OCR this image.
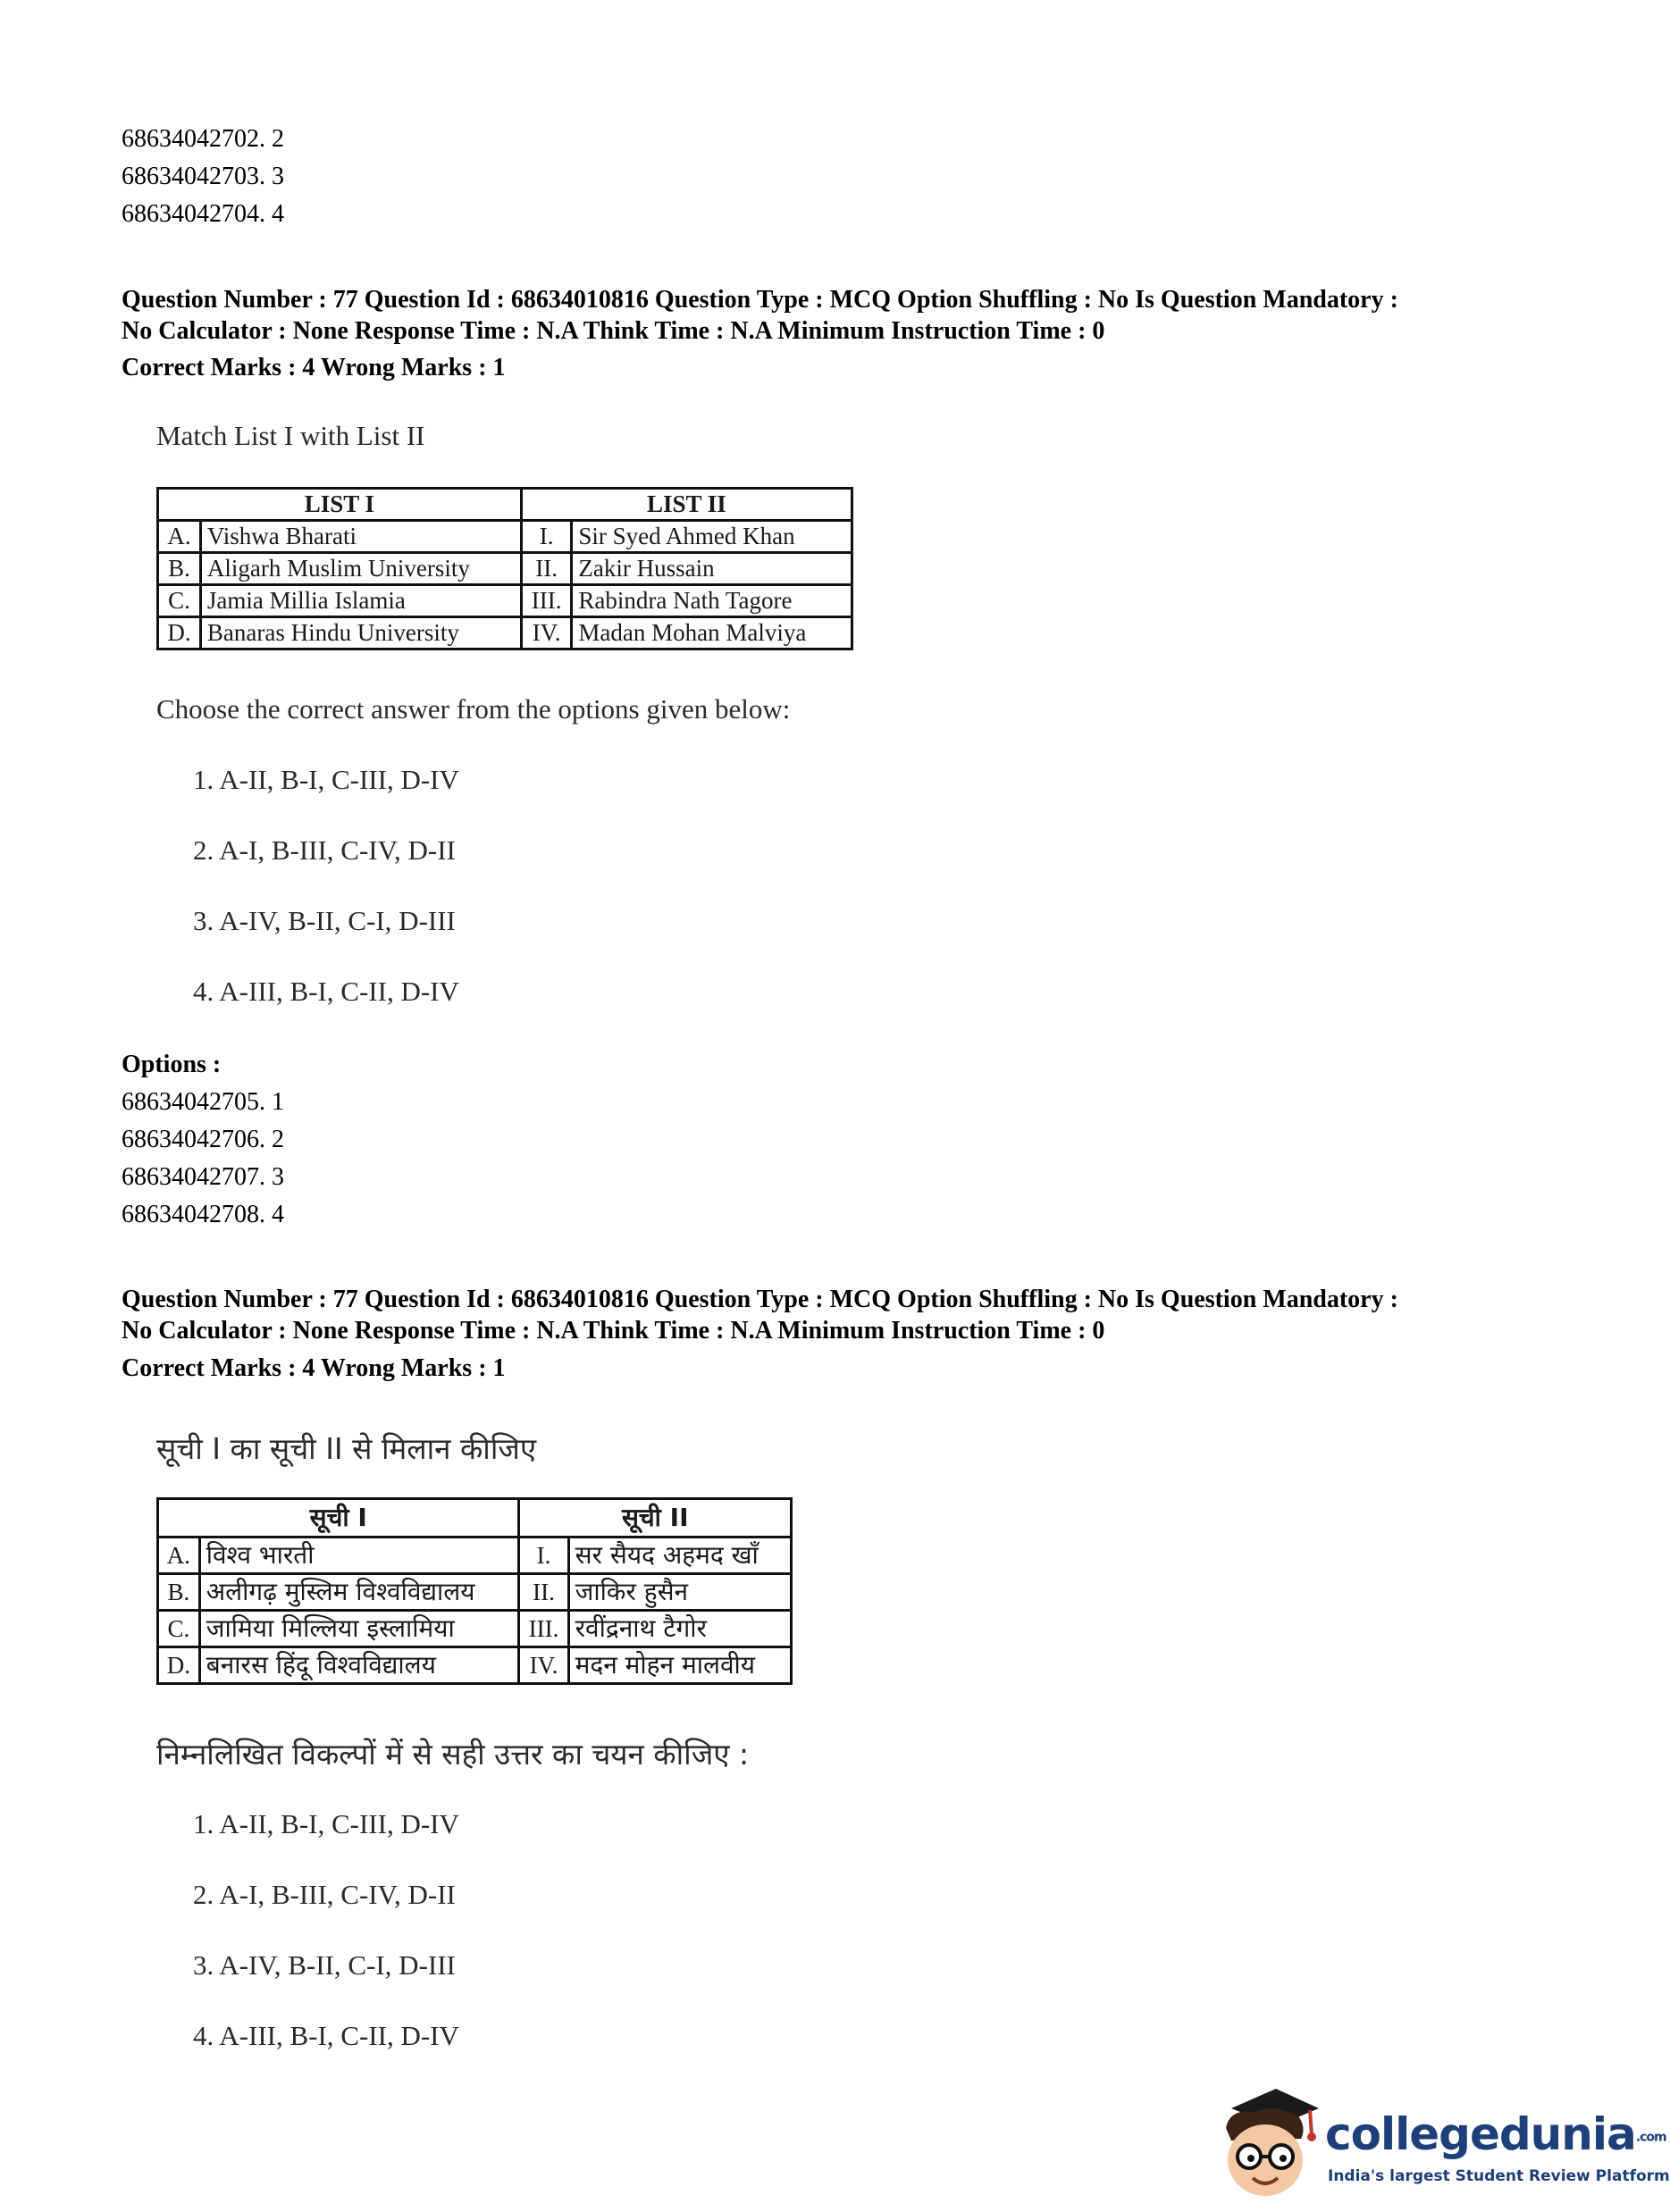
68634042702. 2
68634042703. 3
68634042704. 4
Question Number : 77 Question Id : 68634010816 Question Type : MCQ Option Shuffling : No Is Question Mandatory :
No Calculator : None Response Time : N.A Think Time : N.A Minimum Instruction Time : 0
Correct Marks : 4 Wrong Marks : 1
Match List I with List II
LIST I		LIST II	
A.	Vishwa Bharati	I.	Sir Syed Ahmed Khan
B.	Aligarh Muslim University	II.	Zakir Hussain
C.	Jamia Millia Islamia	III.	Rabindra Nath Tagore
D.	Banaras Hindu University	IV.	Madan Mohan Malviya
Choose the correct answer from the options given below:
1. A-II, B-I, C-III, D-IV
2. A-I, B-III, C-IV, D-II
3. A-IV, B-II, C-I, D-III
4. A-III, B-I, C-II, D-IV
Options :
68634042705. 1
68634042706. 2
68634042707. 3
68634042708. 4
Question Number : 77 Question Id : 68634010816 Question Type : MCQ Option Shuffling : No Is Question Mandatory :
No Calculator : None Response Time : N.A Think Time : N.A Minimum Instruction Time : 0
Correct Marks : 4 Wrong Marks : 1
सूची I का सूची II से मिलान कीजिए
सूची I		सूची II	
A.	विश्व भारती	I.	सर सैयद अहमद खाँ
B.	अलीगढ़ मुस्लिम विश्वविद्यालय	II.	जाकिर हुसैन
C.	जामिया मिल्लिया इस्लामिया	III.	रवींद्रनाथ टैगोर
D.	बनारस हिंदू विश्वविद्यालय	IV.	मदन मोहन मालवीय
निम्नलिखित विकल्पों में से सही उत्तर का चयन कीजिए :
1. A-II, B-I, C-III, D-IV
2. A-I, B-III, C-IV, D-II
3. A-IV, B-II, C-I, D-III
4. A-III, B-I, C-II, D-IV
collegedunia.com
India's largest Student Review Platform
